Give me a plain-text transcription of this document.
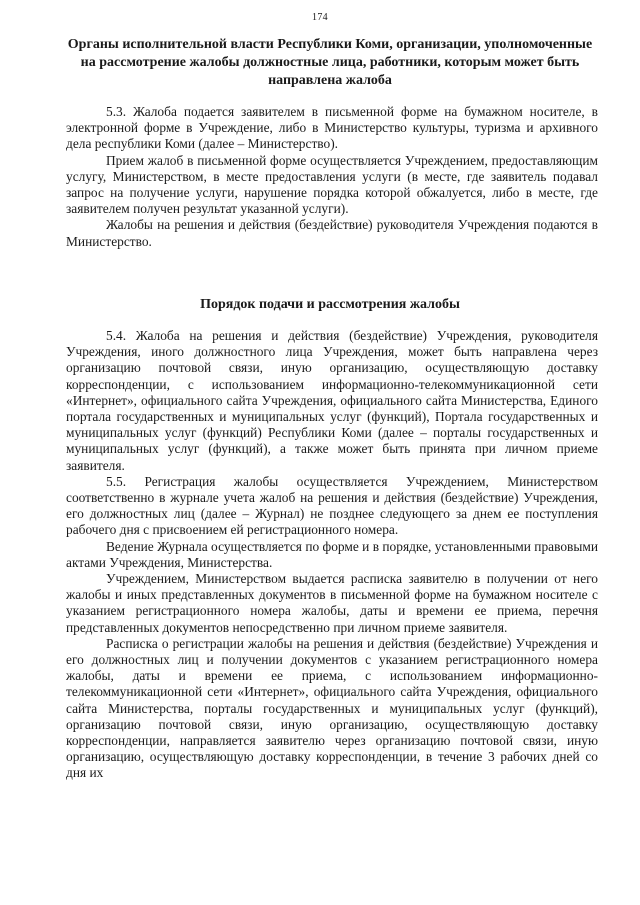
174
Органы исполнительной власти Республики Коми, организации, уполномоченные на рассмотрение жалобы должностные лица, работники, которым может быть направлена жалоба

5.3. Жалоба подается заявителем в письменной форме на бумажном носителе, в электронной форме в Учреждение, либо в Министерство культуры, туризма и архивного дела республики Коми (далее – Министерство).

Прием жалоб в письменной форме осуществляется Учреждением, предоставляющим услугу, Министерством, в месте предоставления услуги (в месте, где заявитель подавал запрос на получение услуги, нарушение порядка которой обжалуется, либо в месте, где заявителем получен результат указанной услуги).

Жалобы на решения и действия (бездействие) руководителя Учреждения подаются в Министерство.

Порядок подачи и рассмотрения жалобы

5.4. Жалоба на решения и действия (бездействие) Учреждения, руководителя Учреждения, иного должностного лица Учреждения, может быть направлена через организацию почтовой связи, иную организацию, осуществляющую доставку корреспонденции, с использованием информационно-телекоммуникационной сети «Интернет», официального сайта Учреждения, официального сайта Министерства, Единого портала государственных и муниципальных услуг (функций), Портала государственных и муниципальных услуг (функций) Республики Коми (далее – порталы государственных и муниципальных услуг (функций), а также может быть принята при личном приеме заявителя.

5.5. Регистрация жалобы осуществляется Учреждением, Министерством соответственно в журнале учета жалоб на решения и действия (бездействие) Учреждения, его должностных лиц (далее – Журнал) не позднее следующего за днем ее поступления рабочего дня с присвоением ей регистрационного номера.

Ведение Журнала осуществляется по форме и в порядке, установленными правовыми актами Учреждения, Министерства.

Учреждением, Министерством выдается расписка заявителю в получении от него жалобы и иных представленных документов в письменной форме на бумажном носителе с указанием регистрационного номера жалобы, даты и времени ее приема, перечня представленных документов непосредственно при личном приеме заявителя.

Расписка о регистрации жалобы на решения и действия (бездействие) Учреждения и его должностных лиц и получении документов с указанием регистрационного номера жалобы, даты и времени ее приема, с использованием информационно-телекоммуникационной сети «Интернет», официального сайта Учреждения, официального сайта Министерства, порталы государственных и муниципальных услуг (функций), организацию почтовой связи, иную организацию, осуществляющую доставку корреспонденции, направляется заявителю через организацию почтовой связи, иную организацию, осуществляющую доставку корреспонденции, в течение 3 рабочих дней со дня их
